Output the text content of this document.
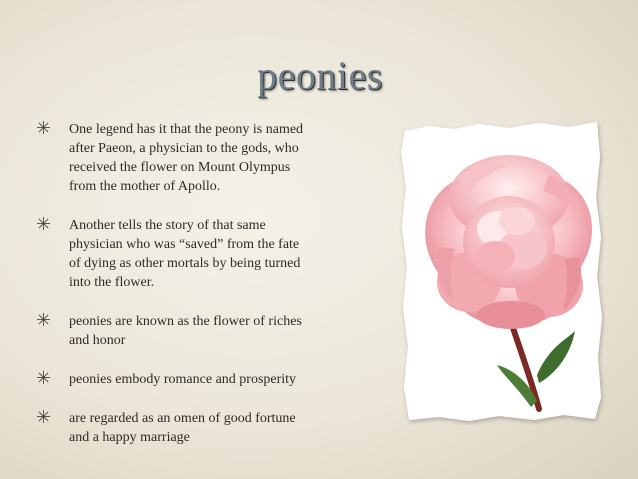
peonies
✳ One legend has it that the peony is named after Paeon, a physician to the gods, who received the flower on Mount Olympus from the mother of Apollo.
✳ Another tells the story of that same physician who was “saved” from the fate of dying as other mortals by being turned into the flower.
✳ peonies are known as the flower of riches and honor
✳ peonies embody romance and prosperity
✳ are regarded as an omen of good fortune and a happy marriage
